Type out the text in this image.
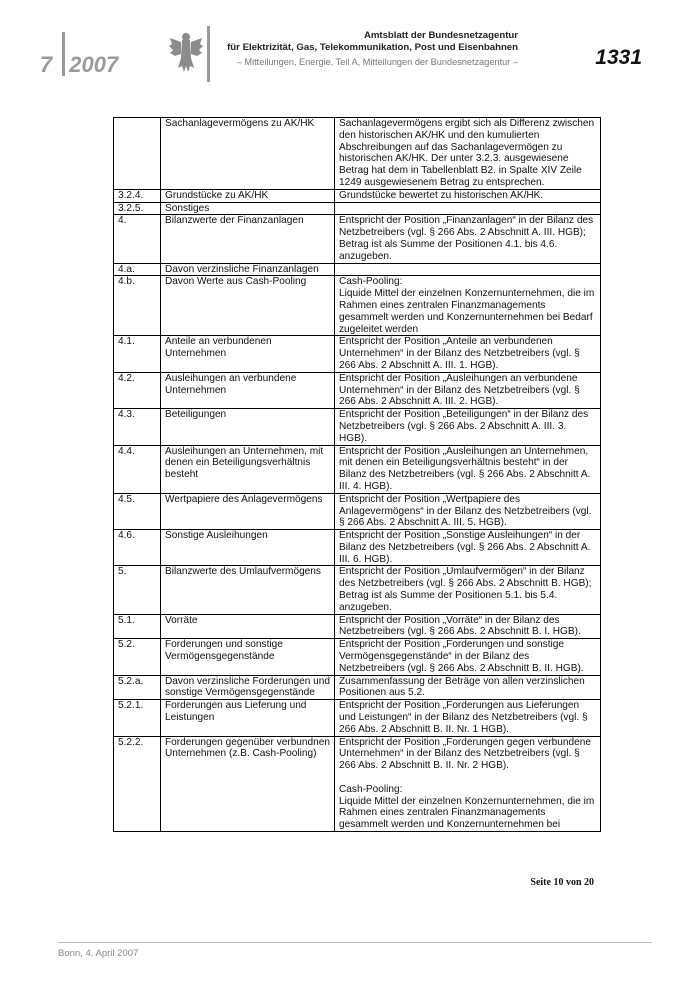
7 2007
Amtsblatt der Bundesnetzagentur
für Elektrizität, Gas, Telekommunikation, Post und Eisenbahnen
– Mitteilungen, Energie, Teil A, Mitteilungen der Bundesnetzagentur –	1331
	Sachanlagevermögens zu AK/HK	Sachanlagevermögens ergibt sich als Differenz zwischen den historischen AK/HK und den kumulierten Abschreibungen auf das Sachanlagevermögen zu historischen AK/HK. Der unter 3.2.3. ausgewiesene Betrag hat dem in Tabellenblatt B2. in Spalte XIV Zeile 1249 ausgewiesenem Betrag zu entsprechen.
3.2.4.	Grundstücke zu AK/HK	Grundstücke bewertet zu historischen AK/HK.
3.2.5.	Sonstiges	
4.	Bilanzwerte der Finanzanlagen	Entspricht der Position „Finanzanlagen“ in der Bilanz des Netzbetreibers (vgl. § 266 Abs. 2 Abschnitt A. III. HGB); Betrag ist als Summe der Positionen 4.1. bis 4.6. anzugeben.
4.a.	Davon verzinsliche Finanzanlagen	
4.b.	Davon Werte aus Cash-Pooling	Cash-Pooling:
Liquide Mittel der einzelnen Konzernunternehmen, die im Rahmen eines zentralen Finanzmanagements gesammelt werden und Konzernunternehmen bei Bedarf zugeleitet werden
4.1.	Anteile an verbundenen Unternehmen	Entspricht der Position „Anteile an verbundenen Unternehmen“ in der Bilanz des Netzbetreibers (vgl. § 266 Abs. 2 Abschnitt A. III. 1. HGB).
4.2.	Ausleihungen an verbundene Unternehmen	Entspricht der Position „Ausleihungen an verbundene Unternehmen“ in der Bilanz des Netzbetreibers (vgl. § 266 Abs. 2 Abschnitt A. III. 2. HGB).
4.3.	Beteiligungen	Entspricht der Position „Beteiligungen“ in der Bilanz des Netzbetreibers (vgl. § 266 Abs. 2 Abschnitt A. III. 3. HGB).
4.4.	Ausleihungen an Unternehmen, mit denen ein Beteiligungsverhältnis besteht	Entspricht der Position „Ausleihungen an Unternehmen, mit denen ein Beteiligungsverhältnis besteht“ in der Bilanz des Netzbetreibers (vgl. § 266 Abs. 2 Abschnitt A. III. 4. HGB).
4.5.	Wertpapiere des Anlagevermögens	Entspricht der Position „Wertpapiere des Anlagevermögens“ in der Bilanz des Netzbetreibers (vgl. § 266 Abs. 2 Abschnitt A. III. 5. HGB).
4.6.	Sonstige Ausleihungen	Entspricht der Position „Sonstige Ausleihungen“ in der Bilanz des Netzbetreibers (vgl. § 266 Abs. 2 Abschnitt A. III. 6. HGB).
5.	Bilanzwerte des Umlaufvermögens	Entspricht der Position „Umlaufvermögen“ in der Bilanz des Netzbetreibers (vgl. § 266 Abs. 2 Abschnitt B. HGB); Betrag ist als Summe der Positionen 5.1. bis 5.4. anzugeben.
5.1.	Vorräte	Entspricht der Position „Vorräte“ in der Bilanz des Netzbetreibers (vgl. § 266 Abs. 2 Abschnitt B. I. HGB).
5.2.	Forderungen und sonstige Vermögensgegenstände	Entspricht der Position „Forderungen und sonstige Vermögensgegenstände“ in der Bilanz des Netzbetreibers (vgl. § 266 Abs. 2 Abschnitt B. II. HGB).
5.2.a.	Davon verzinsliche Forderungen und sonstige Vermögensgegenstände	Zusammenfassung der Beträge von allen verzinslichen Positionen aus 5.2.
5.2.1.	Forderungen aus Lieferung und Leistungen	Entspricht der Position „Forderungen aus Lieferungen und Leistungen“ in der Bilanz des Netzbetreibers (vgl. § 266 Abs. 2 Abschnitt B. II. Nr. 1 HGB).
5.2.2.	Forderungen gegenüber verbundnen Unternehmen (z.B. Cash-Pooling)	Entspricht der Position „Forderungen gegen verbundene Unternehmen“ in der Bilanz des Netzbetreibers (vgl. § 266 Abs. 2 Abschnitt B. II. Nr. 2 HGB).

Cash-Pooling:
Liquide Mittel der einzelnen Konzernunternehmen, die im Rahmen eines zentralen Finanzmanagements gesammelt werden und Konzernunternehmen bei
Seite 10 von 20
Bonn, 4. April 2007
